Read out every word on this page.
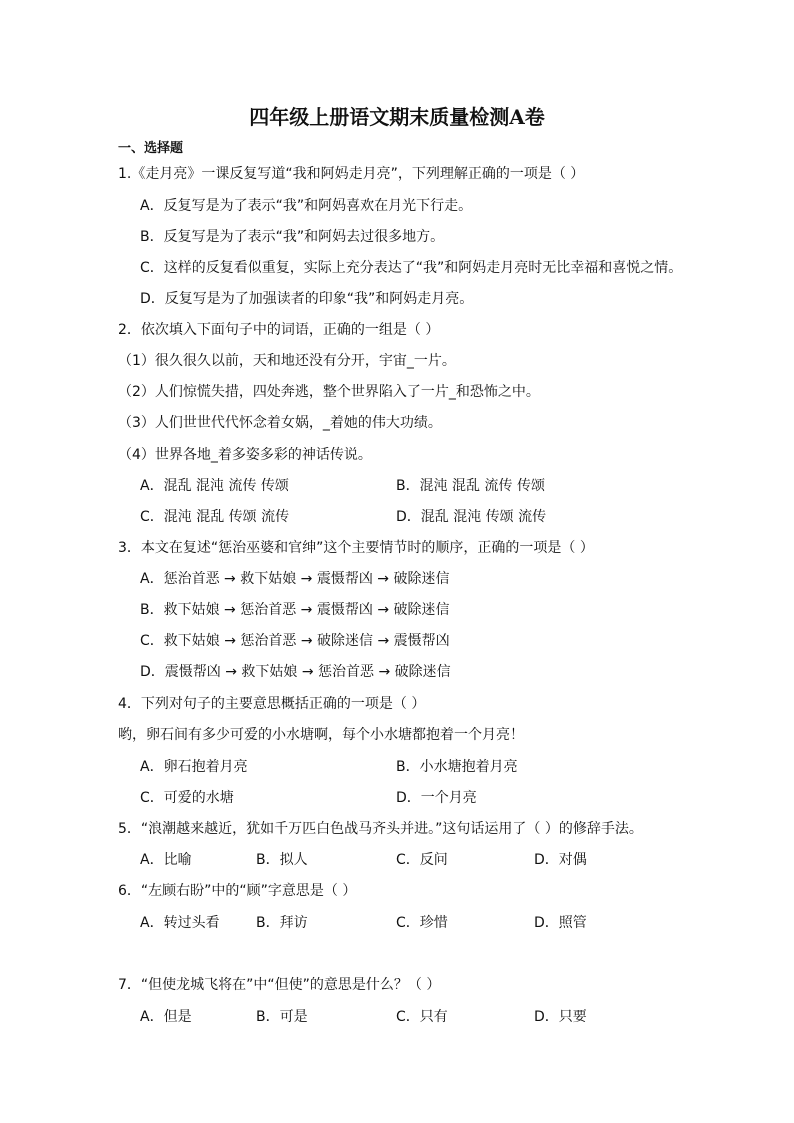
四年级上册语文期末质量检测A卷
一、选择题
1.《走月亮》一课反复写道“我和阿妈走月亮”，下列理解正确的一项是（ ）
A．反复写是为了表示“我”和阿妈喜欢在月光下行走。
B．反复写是为了表示“我”和阿妈去过很多地方。
C．这样的反复看似重复，实际上充分表达了“我”和阿妈走月亮时无比幸福和喜悦之情。
D．反复写是为了加强读者的印象“我”和阿妈走月亮。
2．依次填入下面句子中的词语，正确的一组是（ ）
（1）很久很久以前，天和地还没有分开，宇宙_一片。
（2）人们惊慌失措，四处奔逃，整个世界陷入了一片_和恐怖之中。
（3）人们世世代代怀念着女娲，_着她的伟大功绩。
（4）世界各地_着多姿多彩的神话传说。
A．混乱 混沌 流传 传颂	B．混沌 混乱 流传 传颂
C．混沌 混乱 传颂 流传	D．混乱 混沌 传颂 流传
3．本文在复述“惩治巫婆和官绅”这个主要情节时的顺序，正确的一项是（ ）
A．惩治首恶 → 救下姑娘 → 震慑帮凶 → 破除迷信
B．救下姑娘 → 惩治首恶 → 震慑帮凶 → 破除迷信
C．救下姑娘 → 惩治首恶 → 破除迷信 → 震慑帮凶
D．震慑帮凶 → 救下姑娘 → 惩治首恶 → 破除迷信
4．下列对句子的主要意思概括正确的一项是（ ）
哟，卵石间有多少可爱的小水塘啊，每个小水塘都抱着一个月亮！
A．卵石抱着月亮	B．小水塘抱着月亮
C．可爱的水塘	D．一个月亮
5．“浪潮越来越近，犹如千万匹白色战马齐头并进。”这句话运用了（ ）的修辞手法。
A．比喻	B．拟人	C．反问	D．对偶
6．“左顾右盼”中的“顾”字意思是（ ）
A．转过头看	B．拜访	C．珍惜	D．照管
7．“但使龙城飞将在”中“但使”的意思是什么？（ ）
A．但是	B．可是	C．只有	D．只要
